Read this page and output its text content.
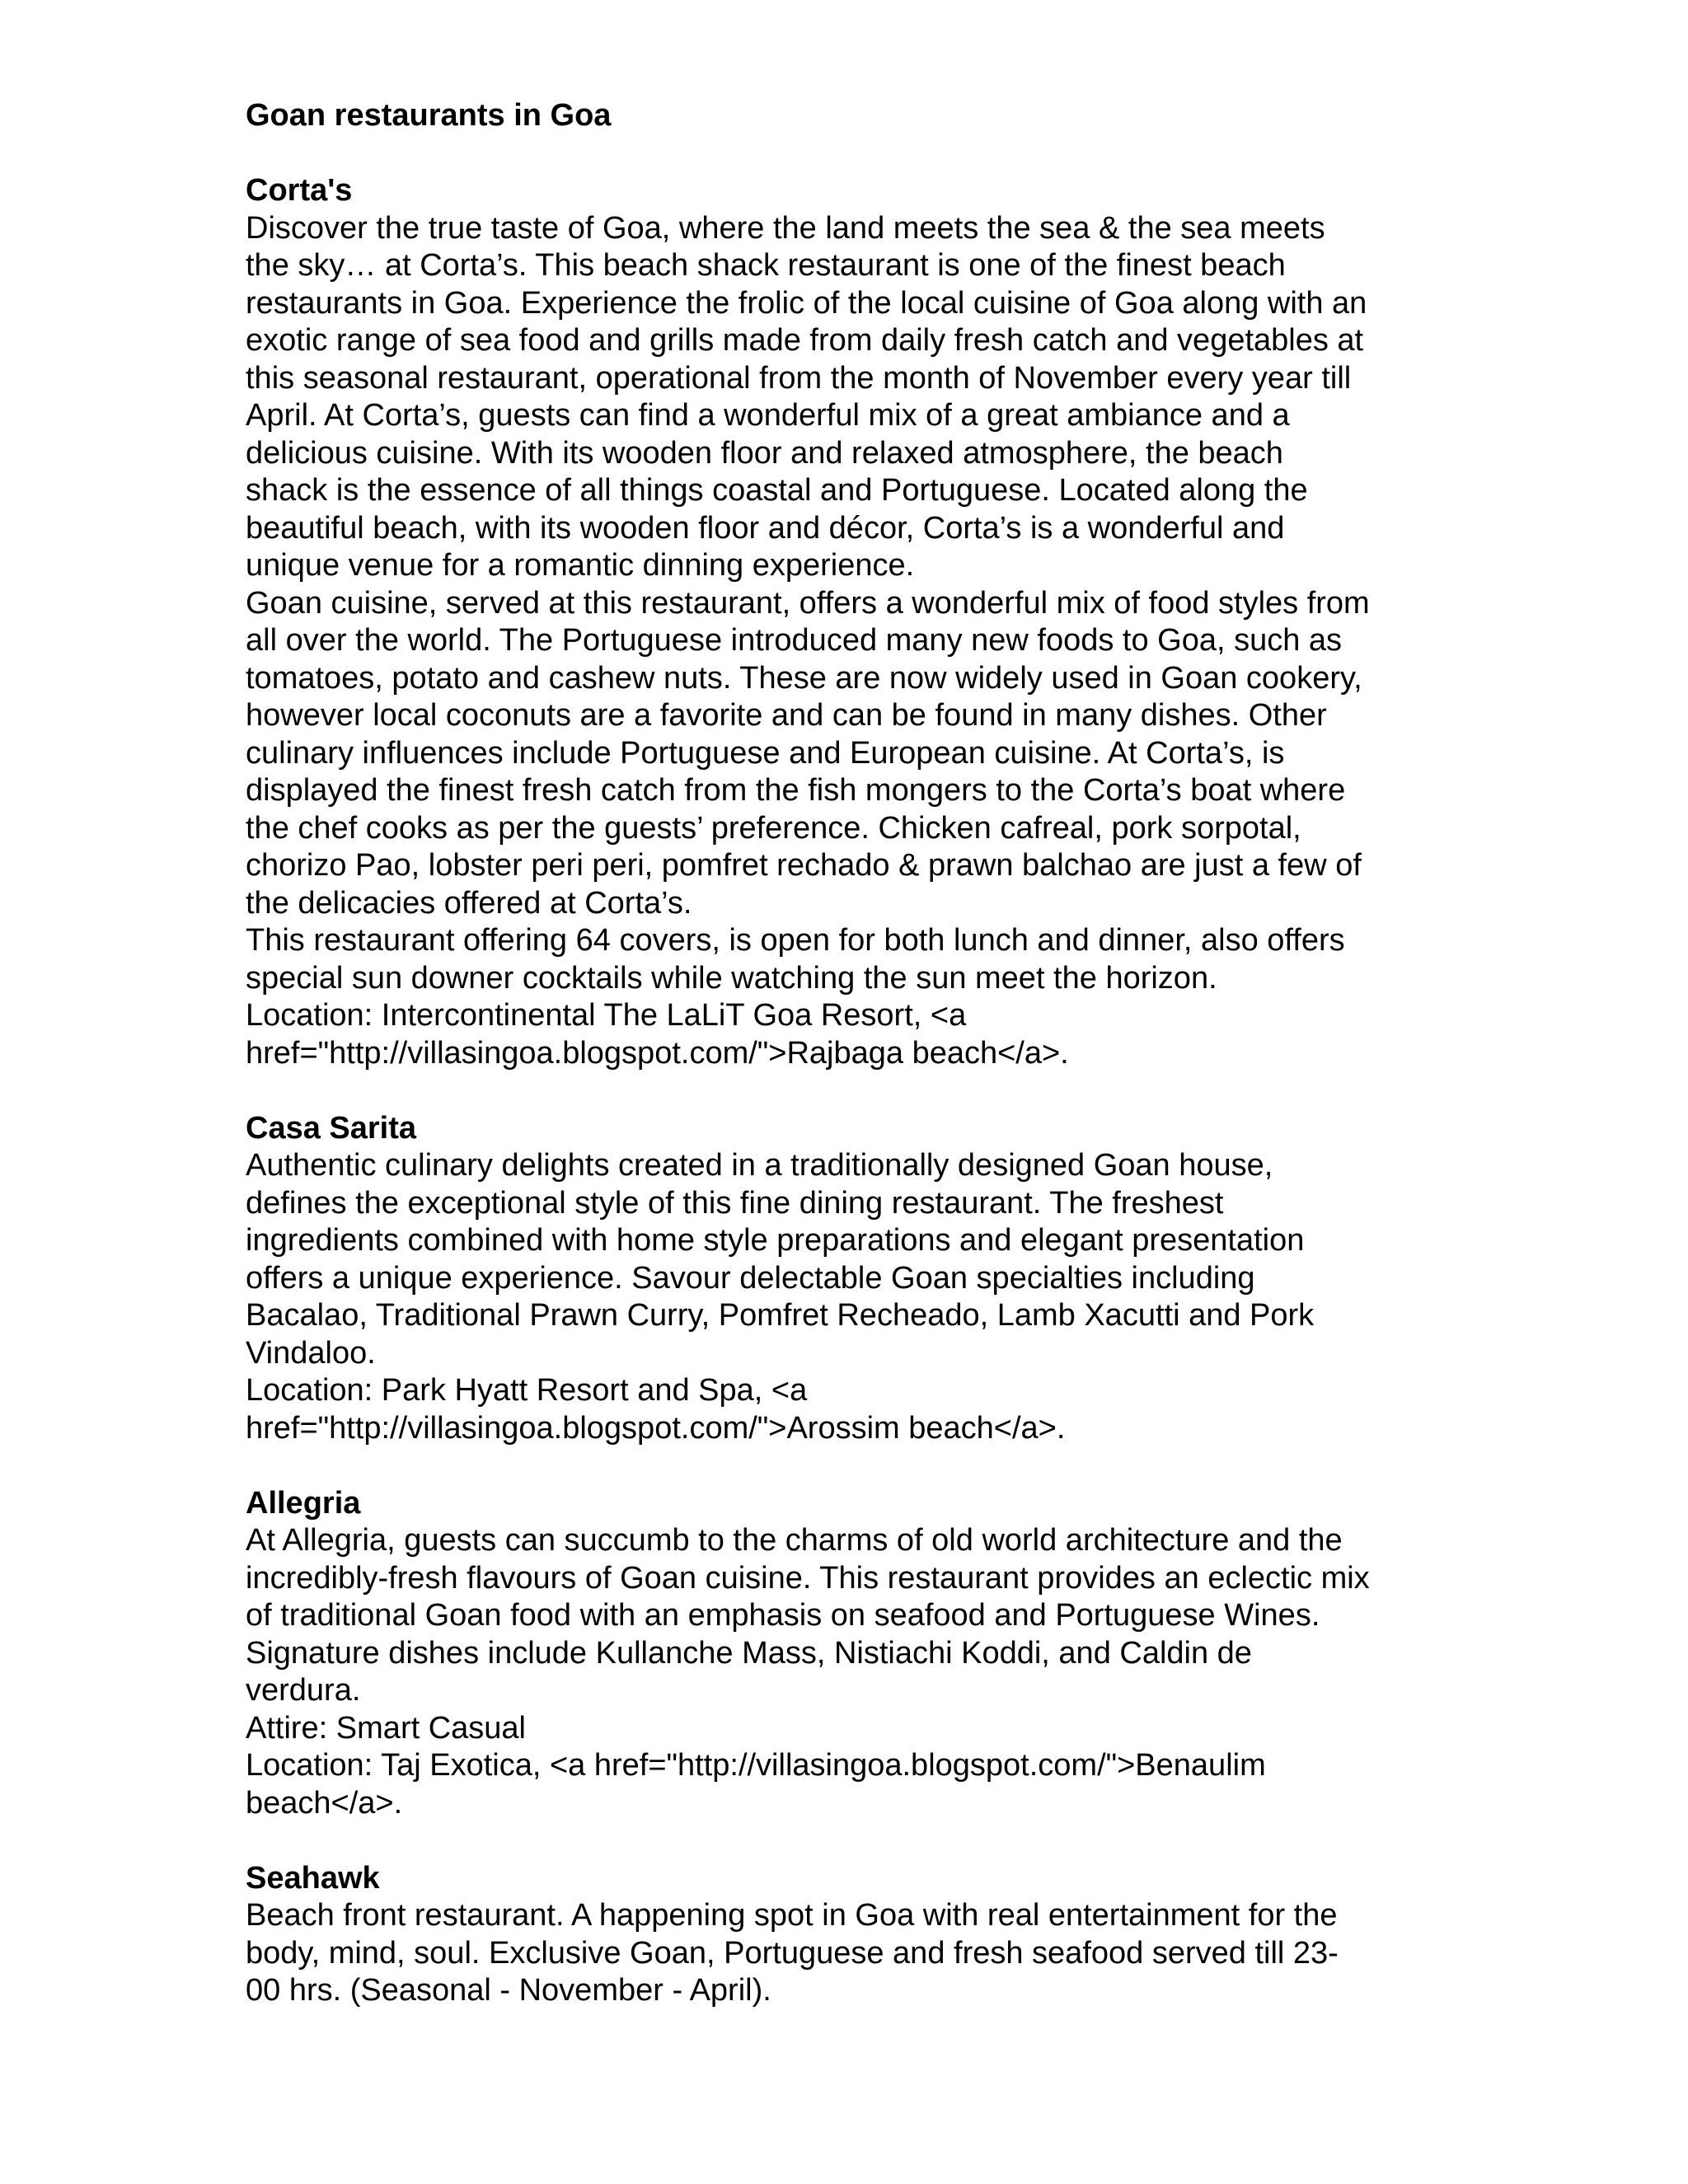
Goan restaurants in Goa
Corta's
Discover the true taste of Goa, where the land meets the sea & the sea meets
the sky… at Corta’s. This beach shack restaurant is one of the finest beach
restaurants in Goa. Experience the frolic of the local cuisine of Goa along with an
exotic range of sea food and grills made from daily fresh catch and vegetables at
this seasonal restaurant, operational from the month of November every year till
April. At Corta’s, guests can find a wonderful mix of a great ambiance and a
delicious cuisine. With its wooden floor and relaxed atmosphere, the beach
shack is the essence of all things coastal and Portuguese. Located along the
beautiful beach, with its wooden floor and décor, Corta’s is a wonderful and
unique venue for a romantic dinning experience.
Goan cuisine, served at this restaurant, offers a wonderful mix of food styles from
all over the world. The Portuguese introduced many new foods to Goa, such as
tomatoes, potato and cashew nuts. These are now widely used in Goan cookery,
however local coconuts are a favorite and can be found in many dishes. Other
culinary influences include Portuguese and European cuisine. At Corta’s, is
displayed the finest fresh catch from the fish mongers to the Corta’s boat where
the chef cooks as per the guests’ preference. Chicken cafreal, pork sorpotal,
chorizo Pao, lobster peri peri, pomfret rechado & prawn balchao are just a few of
the delicacies offered at Corta’s.
This restaurant offering 64 covers, is open for both lunch and dinner, also offers
special sun downer cocktails while watching the sun meet the horizon.
Location: Intercontinental The LaLiT Goa Resort, <a
href="http://villasingoa.blogspot.com/">Rajbaga beach</a>.
Casa Sarita
Authentic culinary delights created in a traditionally designed Goan house,
defines the exceptional style of this fine dining restaurant. The freshest
ingredients combined with home style preparations and elegant presentation
offers a unique experience. Savour delectable Goan specialties including
Bacalao, Traditional Prawn Curry, Pomfret Recheado, Lamb Xacutti and Pork
Vindaloo.
Location: Park Hyatt Resort and Spa, <a
href="http://villasingoa.blogspot.com/">Arossim beach</a>.
Allegria
At Allegria, guests can succumb to the charms of old world architecture and the
incredibly-fresh flavours of Goan cuisine. This restaurant provides an eclectic mix
of traditional Goan food with an emphasis on seafood and Portuguese Wines.
Signature dishes include Kullanche Mass, Nistiachi Koddi, and Caldin de
verdura.
Attire: Smart Casual
Location: Taj Exotica, <a href="http://villasingoa.blogspot.com/">Benaulim
beach</a>.
Seahawk
Beach front restaurant. A happening spot in Goa with real entertainment for the
body, mind, soul. Exclusive Goan, Portuguese and fresh seafood served till 23-
00 hrs. (Seasonal - November - April).
